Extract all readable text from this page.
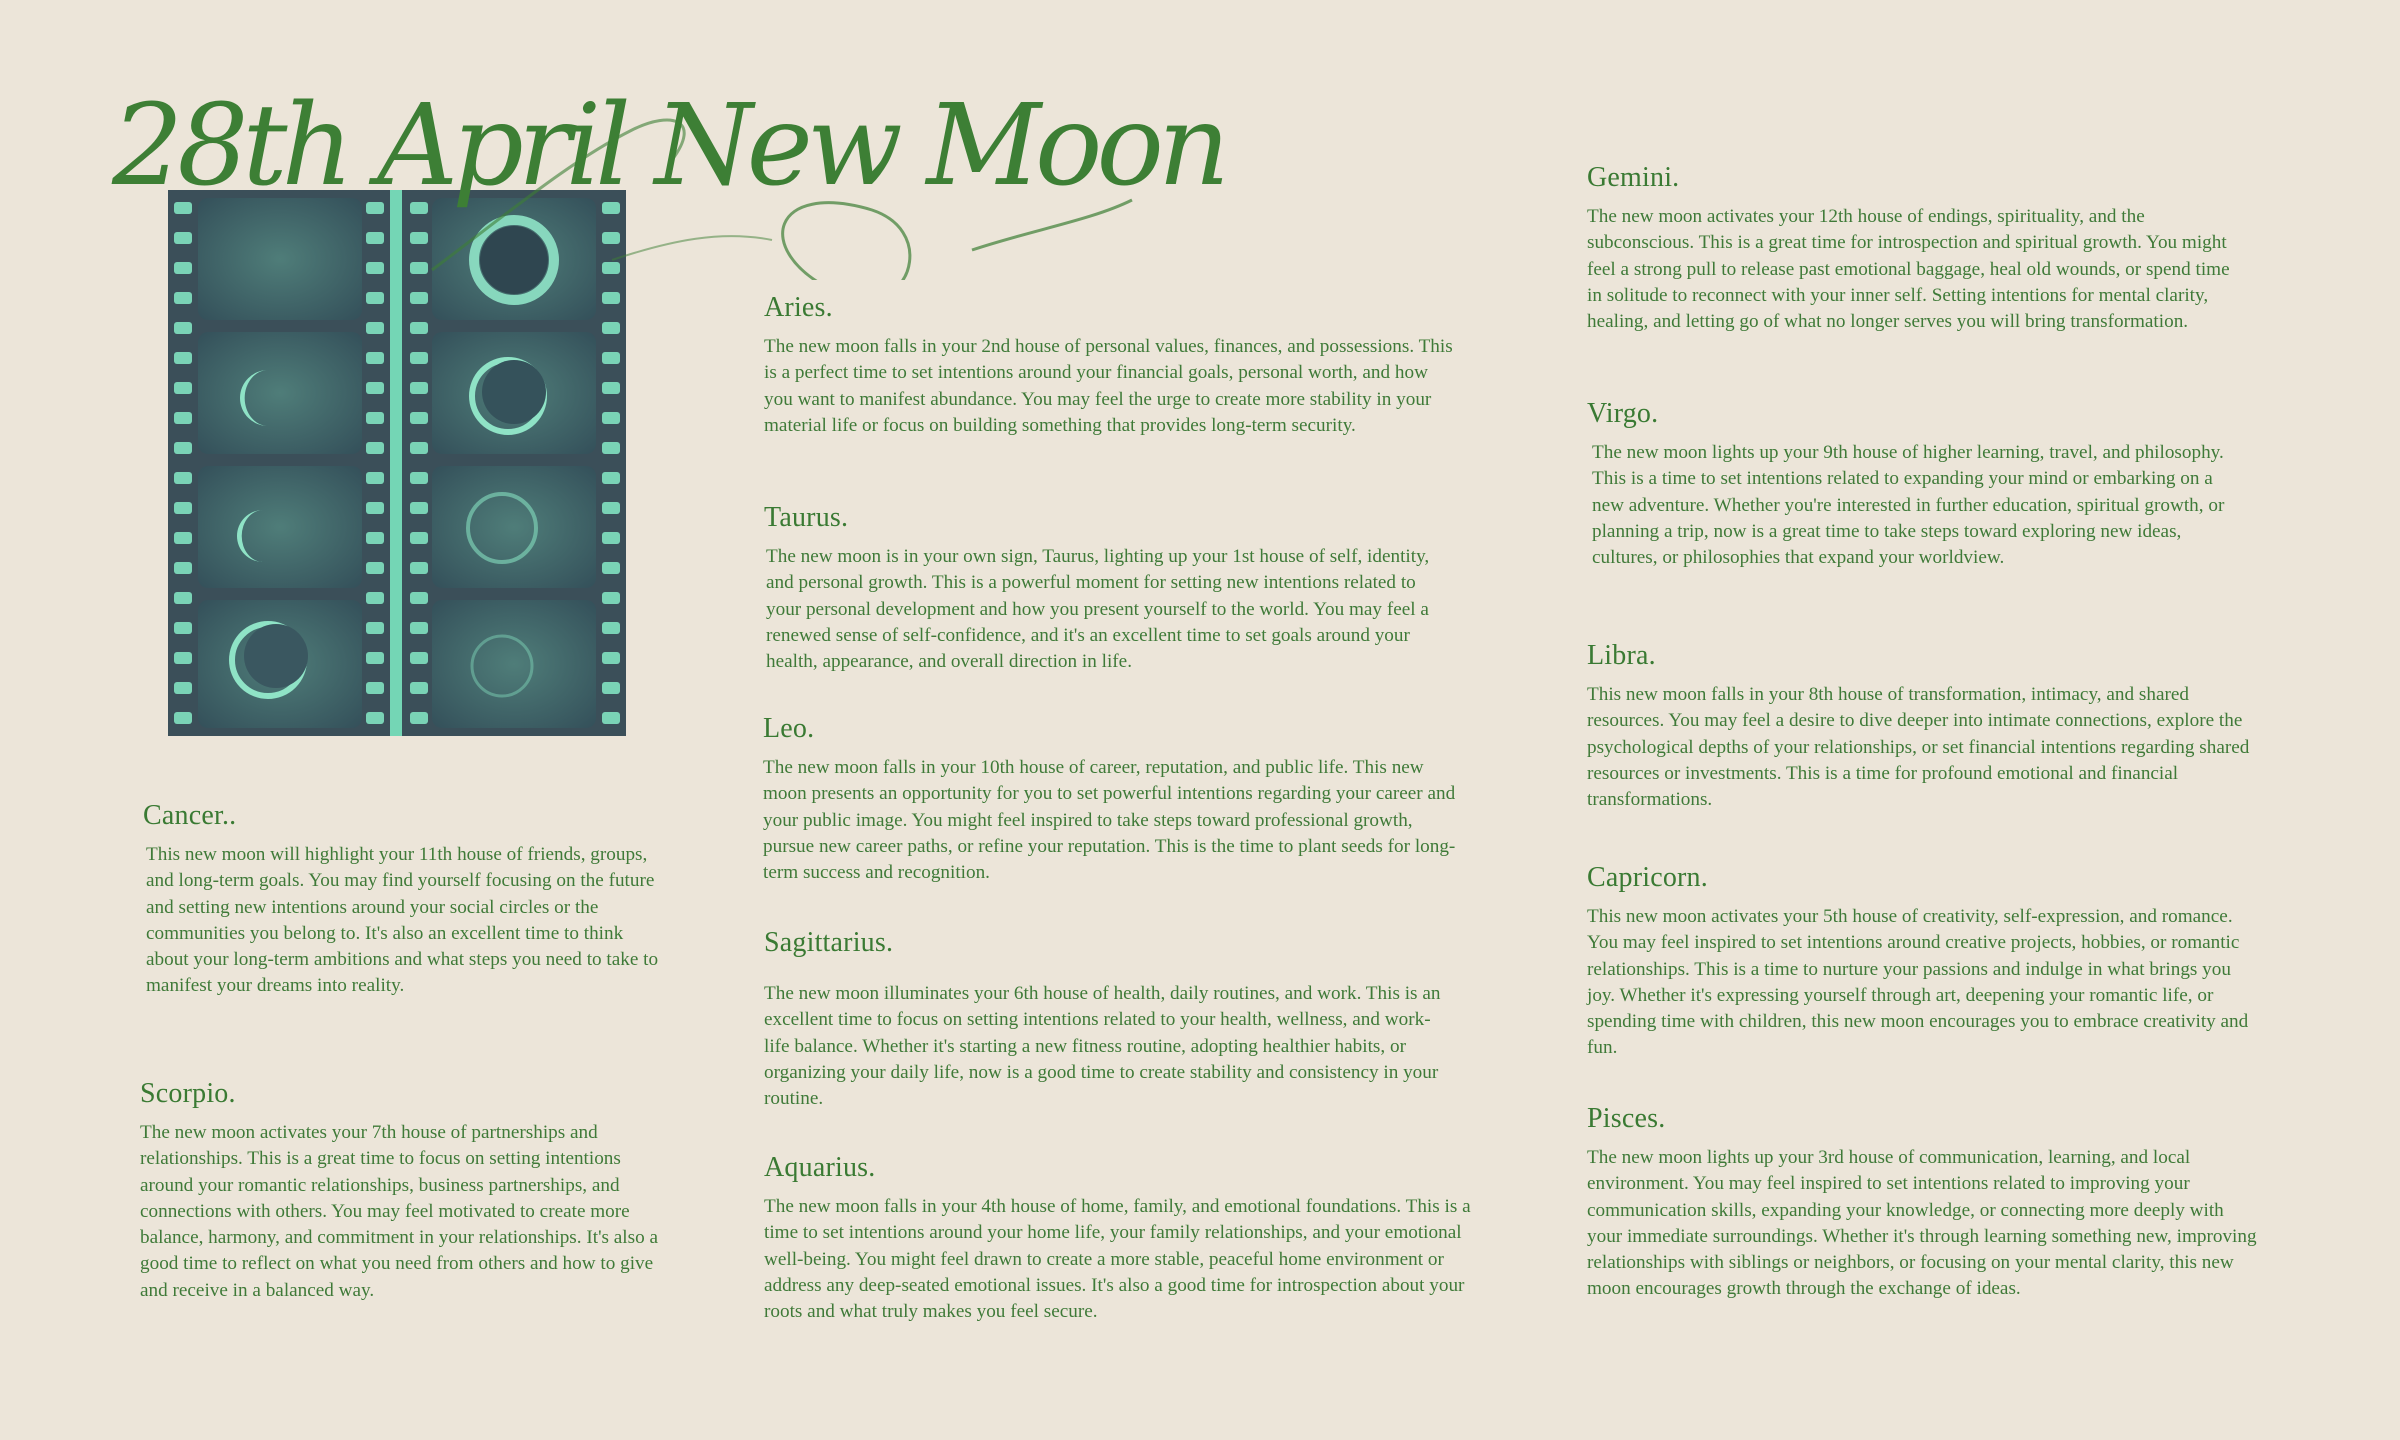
28th April New Moon
Cancer..

This new moon will highlight your 11th house of friends, groups, and long-term goals. You may find yourself focusing on the future and setting new intentions around your social circles or the communities you belong to. It's also an excellent time to think about your long-term ambitions and what steps you need to take to manifest your dreams into reality.

Scorpio.

The new moon activates your 7th house of partnerships and relationships. This is a great time to focus on setting intentions around your romantic relationships, business partnerships, and connections with others. You may feel motivated to create more balance, harmony, and commitment in your relationships. It's also a good time to reflect on what you need from others and how to give and receive in a balanced way.

Aries.

The new moon falls in your 2nd house of personal values, finances, and possessions. This is a perfect time to set intentions around your financial goals, personal worth, and how you want to manifest abundance. You may feel the urge to create more stability in your material life or focus on building something that provides long-term security.

Taurus.

The new moon is in your own sign, Taurus, lighting up your 1st house of self, identity, and personal growth. This is a powerful moment for setting new intentions related to your personal development and how you present yourself to the world. You may feel a renewed sense of self-confidence, and it's an excellent time to set goals around your health, appearance, and overall direction in life.

Leo.

The new moon falls in your 10th house of career, reputation, and public life. This new moon presents an opportunity for you to set powerful intentions regarding your career and your public image. You might feel inspired to take steps toward professional growth, pursue new career paths, or refine your reputation. This is the time to plant seeds for long-term success and recognition.

Sagittarius.

The new moon illuminates your 6th house of health, daily routines, and work. This is an excellent time to focus on setting intentions related to your health, wellness, and work-life balance. Whether it's starting a new fitness routine, adopting healthier habits, or organizing your daily life, now is a good time to create stability and consistency in your routine.

Aquarius.

The new moon falls in your 4th house of home, family, and emotional foundations. This is a time to set intentions around your home life, your family relationships, and your emotional well-being. You might feel drawn to create a more stable, peaceful home environment or address any deep-seated emotional issues. It's also a good time for introspection about your roots and what truly makes you feel secure.

Gemini.

The new moon activates your 12th house of endings, spirituality, and the subconscious. This is a great time for introspection and spiritual growth. You might feel a strong pull to release past emotional baggage, heal old wounds, or spend time in solitude to reconnect with your inner self. Setting intentions for mental clarity, healing, and letting go of what no longer serves you will bring transformation.

Virgo.

The new moon lights up your 9th house of higher learning, travel, and philosophy. This is a time to set intentions related to expanding your mind or embarking on a new adventure. Whether you're interested in further education, spiritual growth, or planning a trip, now is a great time to take steps toward exploring new ideas, cultures, or philosophies that expand your worldview.

Libra.

This new moon falls in your 8th house of transformation, intimacy, and shared resources. You may feel a desire to dive deeper into intimate connections, explore the psychological depths of your relationships, or set financial intentions regarding shared resources or investments. This is a time for profound emotional and financial transformations.

Capricorn.

This new moon activates your 5th house of creativity, self-expression, and romance. You may feel inspired to set intentions around creative projects, hobbies, or romantic relationships. This is a time to nurture your passions and indulge in what brings you joy. Whether it's expressing yourself through art, deepening your romantic life, or spending time with children, this new moon encourages you to embrace creativity and fun.

Pisces.

The new moon lights up your 3rd house of communication, learning, and local environment. You may feel inspired to set intentions related to improving your communication skills, expanding your knowledge, or connecting more deeply with your immediate surroundings. Whether it's through learning something new, improving relationships with siblings or neighbors, or focusing on your mental clarity, this new moon encourages growth through the exchange of ideas.
